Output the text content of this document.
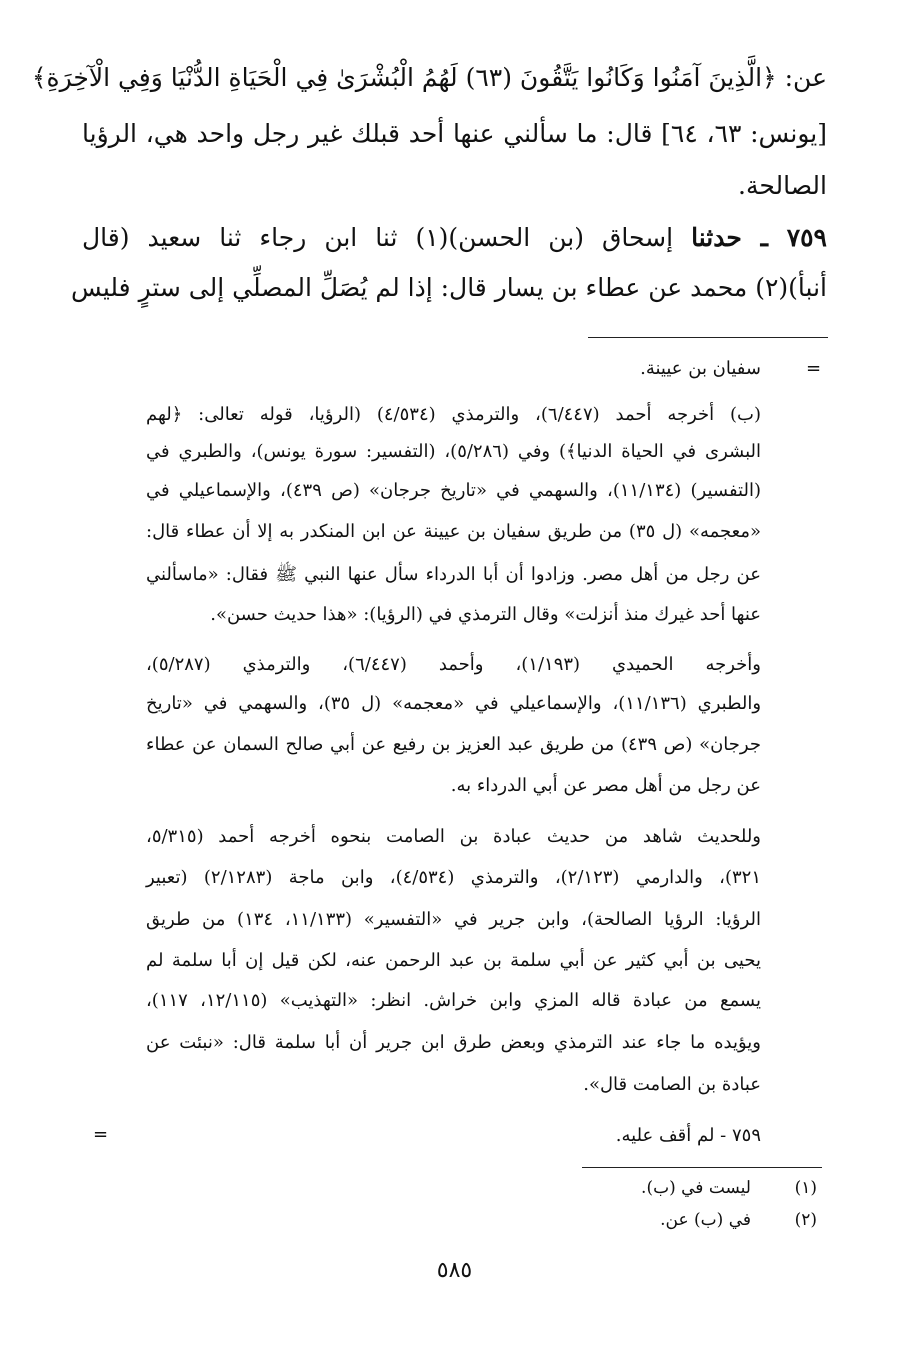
عن: ﴿الَّذِينَ آمَنُوا وَكَانُوا يَتَّقُونَ (٦٣) لَهُمُ الْبُشْرَىٰ فِي الْحَيَاةِ الدُّنْيَا وَفِي الْآخِرَةِ﴾
[يونس: ٦٣، ٦٤] قال: ما سألني عنها أحد قبلك غير رجل واحد هي، الرؤيا
الصالحة.
٧٥٩ ـ حدثنا إسحاق (بن الحسن)(١) ثنا ابن رجاء ثنا سعيد (قال
أنبأ)(٢) محمد عن عطاء بن يسار قال: إذا لم يُصَلِّ المصلِّي إلى سترٍ فليس
=
سفيان بن عيينة.
(ب) أخرجه أحمد (٦/٤٤٧)، والترمذي (٤/٥٣٤) (الرؤيا، قوله تعالى: ﴿لهم
البشرى في الحياة الدنيا﴾) وفي (٥/٢٨٦)، (التفسير: سورة يونس)، والطبري في
(التفسير) (١١/١٣٤)، والسهمي في «تاريخ جرجان» (ص ٤٣٩)، والإسماعيلي في
«معجمه» (ل ٣٥) من طريق سفيان بن عيينة عن ابن المنكدر به إلا أن عطاء قال:
عن رجل من أهل مصر. وزادوا أن أبا الدرداء سأل عنها النبي ﷺ فقال: «ماسألني
عنها أحد غيرك منذ أنزلت» وقال الترمذي في (الرؤيا): «هذا حديث حسن».
وأخرجه الحميدي (١/١٩٣)، وأحمد (٦/٤٤٧)، والترمذي (٥/٢٨٧)،
والطبري (١١/١٣٦)، والإسماعيلي في «معجمه» (ل ٣٥)، والسهمي في «تاريخ
جرجان» (ص ٤٣٩) من طريق عبد العزيز بن رفيع عن أبي صالح السمان عن عطاء
عن رجل من أهل مصر عن أبي الدرداء به.
وللحديث شاهد من حديث عبادة بن الصامت بنحوه أخرجه أحمد (٥/٣١٥،
٣٢١)، والدارمي (٢/١٢٣)، والترمذي (٤/٥٣٤)، وابن ماجة (٢/١٢٨٣) (تعبير
الرؤيا: الرؤيا الصالحة)، وابن جرير في «التفسير» (١١/١٣٣، ١٣٤) من طريق
يحيى بن أبي كثير عن أبي سلمة بن عبد الرحمن عنه، لكن قيل إن أبا سلمة لم
يسمع من عبادة قاله المزي وابن خراش. انظر: «التهذيب» (١٢/١١٥، ١١٧)،
ويؤيده ما جاء عند الترمذي وبعض طرق ابن جرير أن أبا سلمة قال: «نبئت عن
عبادة بن الصامت قال».
٧٥٩ - لم أقف عليه.
=
(١)
ليست في (ب).
(٢)
في (ب) عن.
٥٨٥
